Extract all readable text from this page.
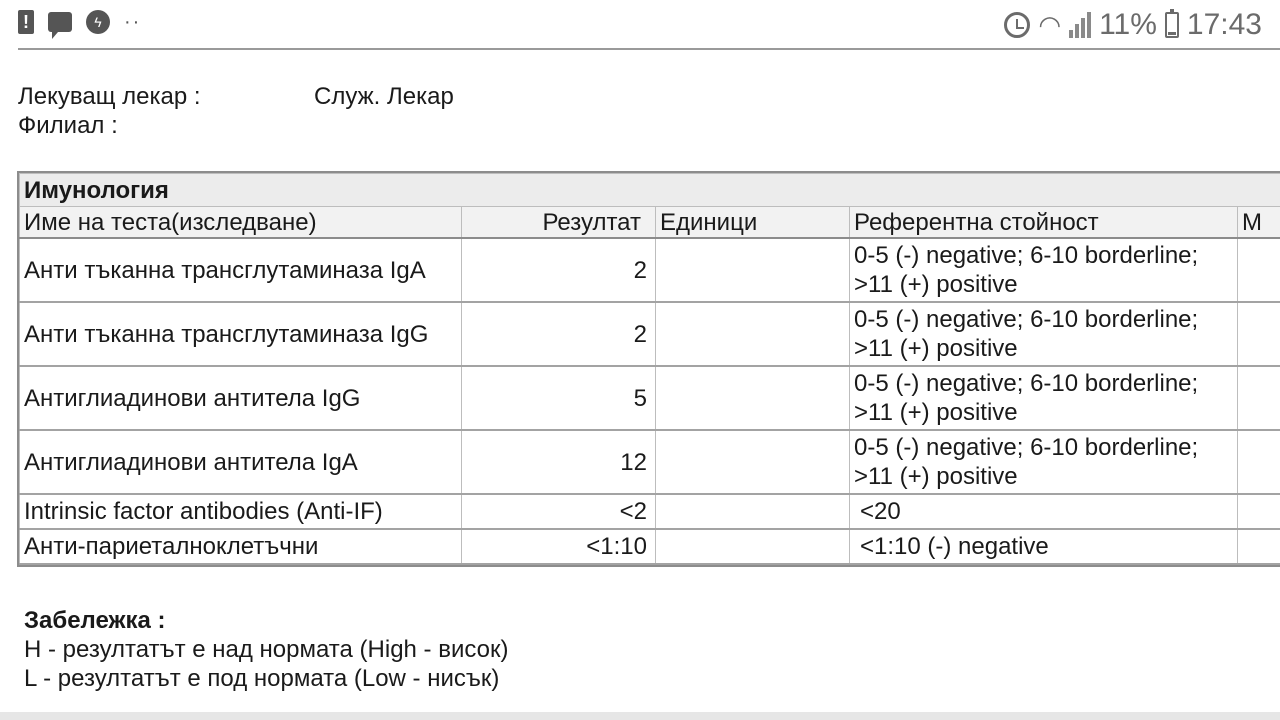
!	ϟ	··	◠ 11% 17:43
Лекуващ лекар :	Служ. Лекар
Филиал :
Имунология				
Име на теста(изследване)	Резултат	Единици	Референтна стойност	М
Анти тъканна трансглутаминаза IgA	2		0-5 (-) negative; 6-10 borderline; >11 (+) positive	
Анти тъканна трансглутаминаза IgG	2		0-5 (-) negative; 6-10 borderline; >11 (+) positive	
Антиглиадинови антитела IgG	5		0-5 (-) negative; 6-10 borderline; >11 (+) positive	
Антиглиадинови антитела IgA	12		0-5 (-) negative; 6-10 borderline; >11 (+) positive	
Intrinsic factor antibodies (Anti-IF)	<2		<20	
Анти-париеталноклетъчни	<1:10		<1:10 (-) negative	
Забележка :
H - резултатът е над нормата (High - висок)
L - резултатът е под нормата (Low - нисък)
